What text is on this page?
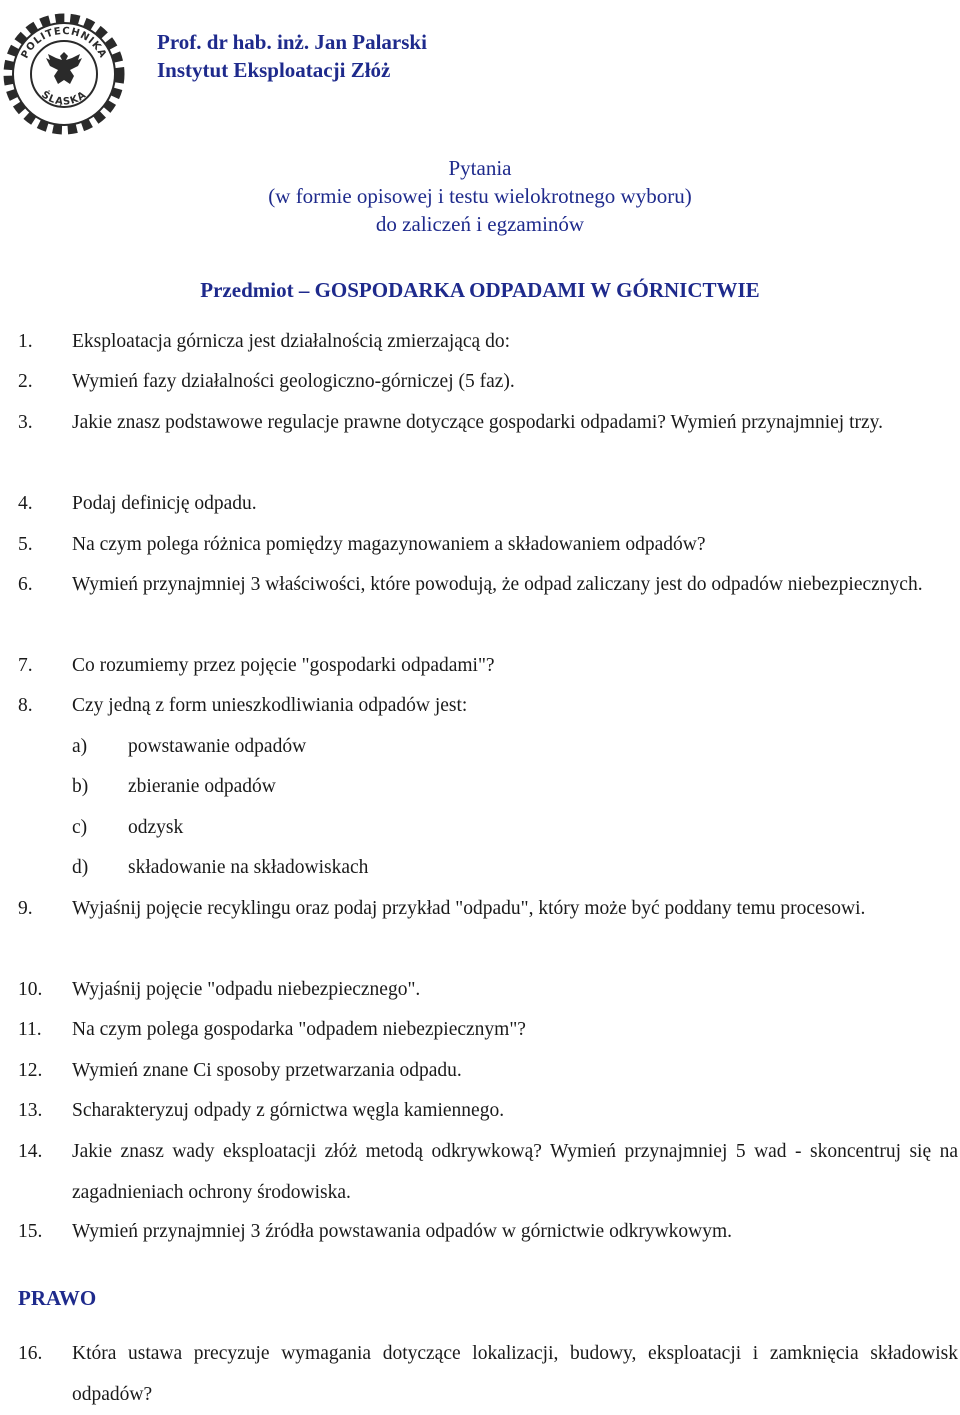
POLITECHNIKA
ŚLĄSKA
Prof. dr hab. inż. Jan Palarski
Instytut Eksploatacji Złóż
Pytania
(w formie opisowej i testu wielokrotnego wyboru)
do zaliczeń i egzaminów
Przedmiot – GOSPODARKA ODPADAMI W GÓRNICTWIE
1.	Eksploatacja górnicza jest działalnością zmierzającą do:
2.	Wymień fazy działalności geologiczno-górniczej (5 faz).
3.	Jakie znasz podstawowe regulacje prawne dotyczące gospodarki odpadami? Wymień przynajmniej trzy.
4.	Podaj definicję odpadu.
5.	Na czym polega różnica pomiędzy magazynowaniem a składowaniem odpadów?
6.	Wymień przynajmniej 3 właściwości, które powodują, że odpad zaliczany jest do odpadów niebezpiecznych.
7.	Co rozumiemy przez pojęcie "gospodarki odpadami"?
8.	Czy jedną z form unieszkodliwiania odpadów jest:
a) powstawanie odpadów
b) zbieranie odpadów
c) odzysk
d) składowanie na składowiskach
9.	Wyjaśnij pojęcie recyklingu oraz podaj przykład "odpadu", który może być poddany temu procesowi.
10.	Wyjaśnij pojęcie "odpadu niebezpiecznego".
11.	Na czym polega gospodarka "odpadem niebezpiecznym"?
12.	Wymień znane Ci sposoby przetwarzania odpadu.
13.	Scharakteryzuj odpady z górnictwa węgla kamiennego.
14.	Jakie znasz wady eksploatacji złóż metodą odkrywkową? Wymień przynajmniej 5 wad - skoncentruj się na zagadnieniach ochrony środowiska.
15.	Wymień przynajmniej 3 źródła powstawania odpadów w górnictwie odkrywkowym.
PRAWO
16.	Która ustawa precyzuje wymagania dotyczące lokalizacji, budowy, eksploatacji i zamknięcia składowisk odpadów?
